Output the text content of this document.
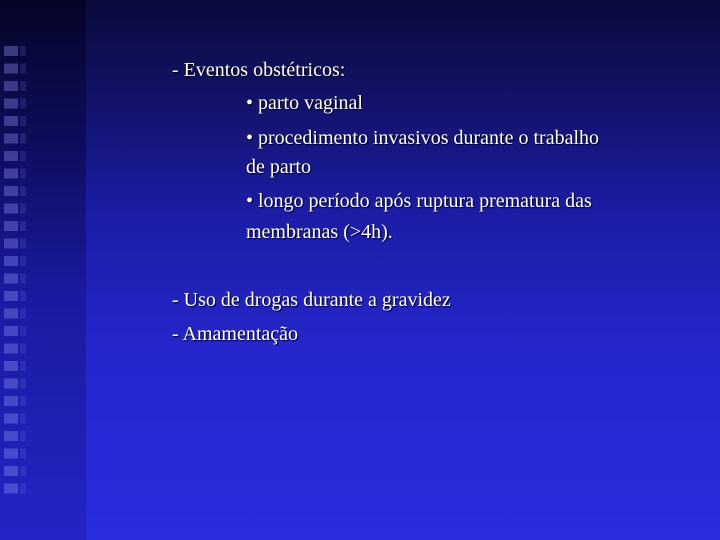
- Eventos obstétricos:
• parto vaginal
• procedimento invasivos durante o trabalho
de parto
• longo período após ruptura prematura das
membranas (>4h).
- Uso de drogas durante a gravidez
- Amamentação
